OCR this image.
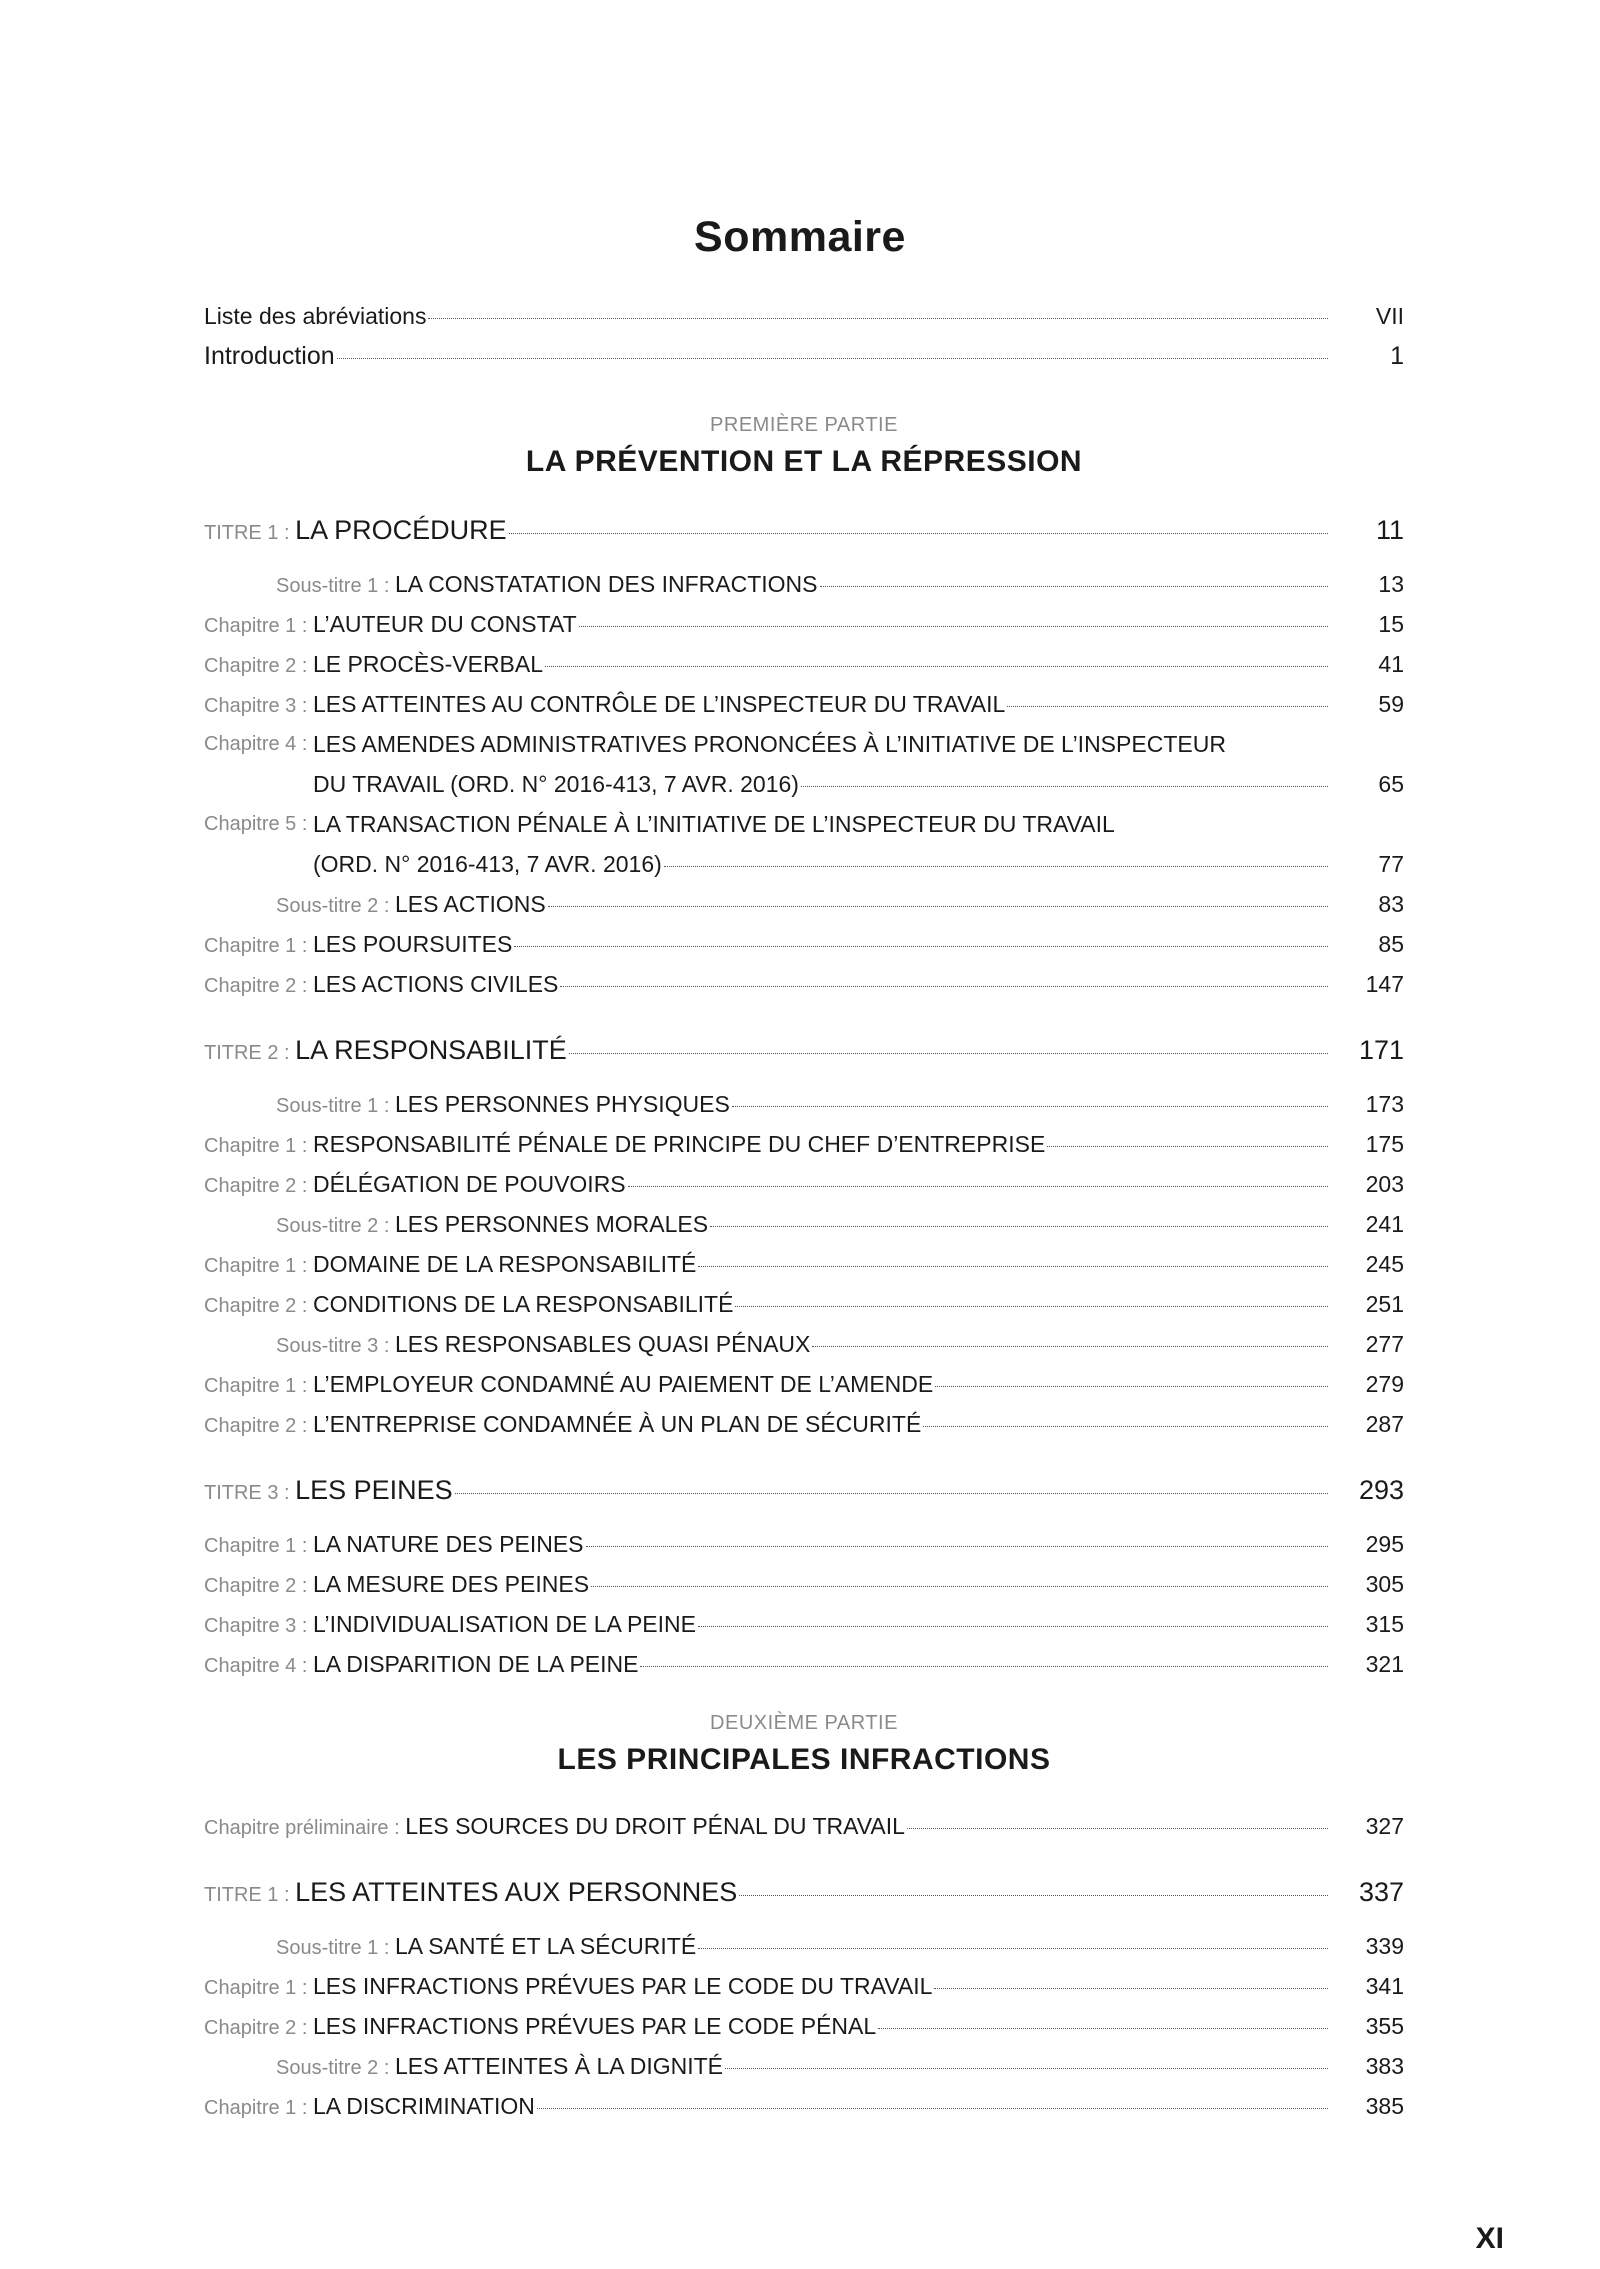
Sommaire
Liste des abréviations	VII
Introduction	1
PREMIÈRE PARTIE
LA PRÉVENTION ET LA RÉPRESSION
TITRE 1 : LA PROCÉDURE	11
Sous-titre 1 : LA CONSTATATION DES INFRACTIONS	13
Chapitre 1 : L’AUTEUR DU CONSTAT	15
Chapitre 2 : LE PROCÈS-VERBAL	41
Chapitre 3 : LES ATTEINTES AU CONTRÔLE DE L’INSPECTEUR DU TRAVAIL	59
Chapitre 4 : LES AMENDES ADMINISTRATIVES PRONONCÉES À L’INITIATIVE DE L’INSPECTEUR
DU TRAVAIL (ORD. N° 2016-413, 7 AVR. 2016)	65
Chapitre 5 : LA TRANSACTION PÉNALE À L’INITIATIVE DE L’INSPECTEUR DU TRAVAIL
(ORD. N° 2016-413, 7 AVR. 2016)	77
Sous-titre 2 : LES ACTIONS	83
Chapitre 1 : LES POURSUITES	85
Chapitre 2 : LES ACTIONS CIVILES	147
TITRE 2 : LA RESPONSABILITÉ	171
Sous-titre 1 : LES PERSONNES PHYSIQUES	173
Chapitre 1 : RESPONSABILITÉ PÉNALE DE PRINCIPE DU CHEF D’ENTREPRISE	175
Chapitre 2 : DÉLÉGATION DE POUVOIRS	203
Sous-titre 2 : LES PERSONNES MORALES	241
Chapitre 1 : DOMAINE DE LA RESPONSABILITÉ	245
Chapitre 2 : CONDITIONS DE LA RESPONSABILITÉ	251
Sous-titre 3 : LES RESPONSABLES QUASI PÉNAUX	277
Chapitre 1 : L’EMPLOYEUR CONDAMNÉ AU PAIEMENT DE L’AMENDE	279
Chapitre 2 : L’ENTREPRISE CONDAMNÉE À UN PLAN DE SÉCURITÉ	287
TITRE 3 : LES PEINES	293
Chapitre 1 : LA NATURE DES PEINES	295
Chapitre 2 : LA MESURE DES PEINES	305
Chapitre 3 : L’INDIVIDUALISATION DE LA PEINE	315
Chapitre 4 : LA DISPARITION DE LA PEINE	321
DEUXIÈME PARTIE
LES PRINCIPALES INFRACTIONS
Chapitre préliminaire : LES SOURCES DU DROIT PÉNAL DU TRAVAIL	327
TITRE 1 : LES ATTEINTES AUX PERSONNES	337
Sous-titre 1 : LA SANTÉ ET LA SÉCURITÉ	339
Chapitre 1 : LES INFRACTIONS PRÉVUES PAR LE CODE DU TRAVAIL	341
Chapitre 2 : LES INFRACTIONS PRÉVUES PAR LE CODE PÉNAL	355
Sous-titre 2 : LES ATTEINTES À LA DIGNITÉ	383
Chapitre 1 : LA DISCRIMINATION	385
XI
